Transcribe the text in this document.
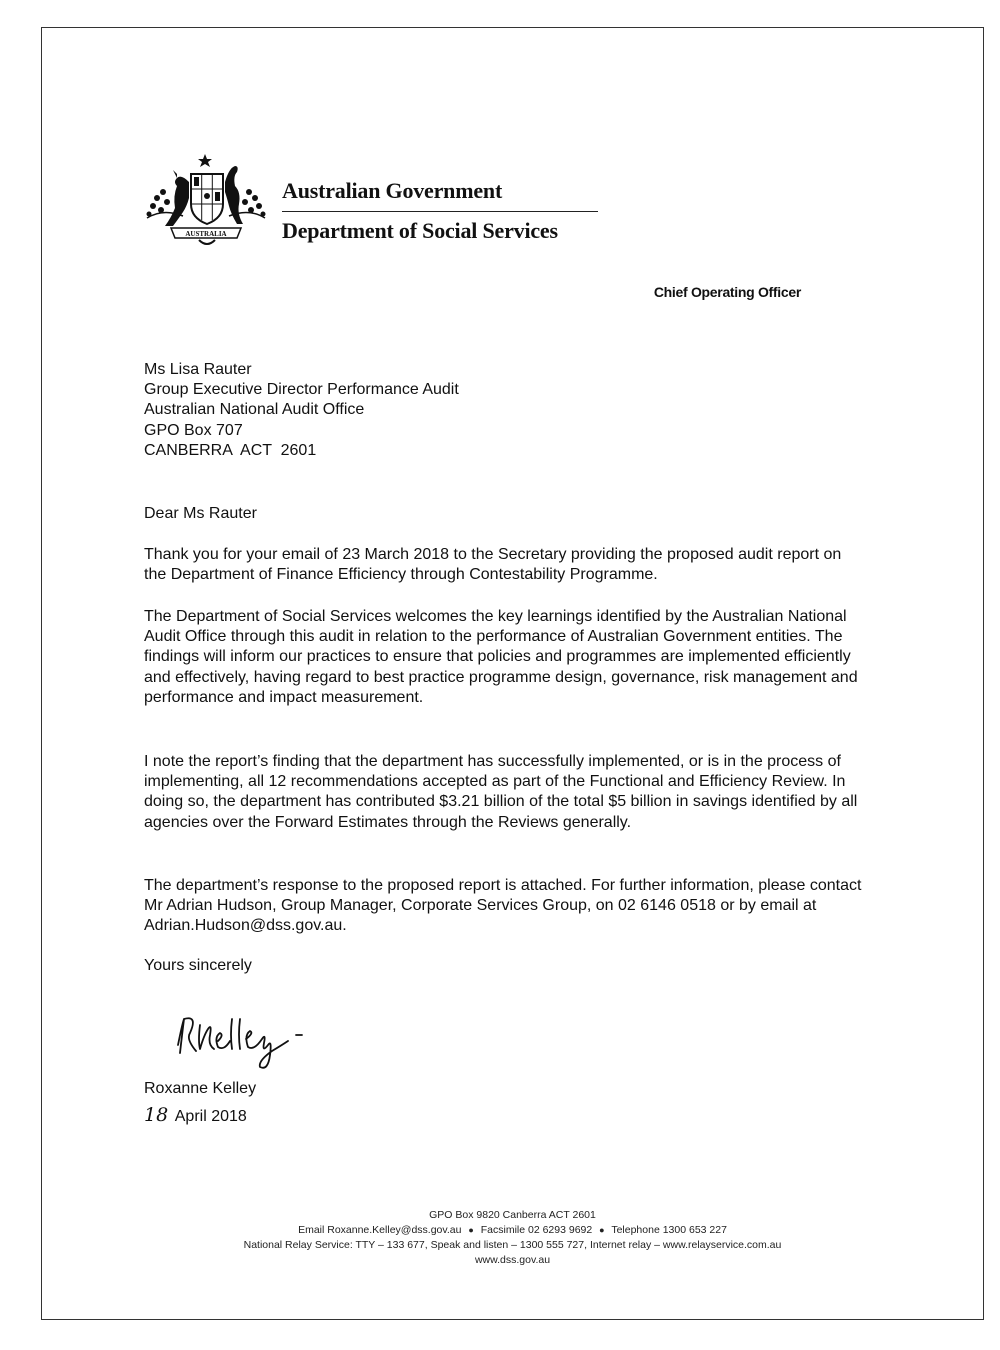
AUSTRALIA
Australian Government
Department of Social Services
Chief Operating Officer
Ms Lisa Rauter
Group Executive Director Performance Audit
Australian National Audit Office
GPO Box 707
CANBERRA  ACT  2601
Dear Ms Rauter

Thank you for your email of 23 March 2018 to the Secretary providing the proposed audit report on the Department of Finance Efficiency through Contestability Programme.

The Department of Social Services welcomes the key learnings identified by the Australian National Audit Office through this audit in relation to the performance of Australian Government entities. The findings will inform our practices to ensure that policies and programmes are implemented efficiently and effectively, having regard to best practice programme design, governance, risk management and performance and impact measurement.

I note the report’s finding that the department has successfully implemented, or is in the process of implementing, all 12 recommendations accepted as part of the Functional and Efficiency Review. In doing so, the department has contributed $3.21 billion of the total $5 billion in savings identified by all agencies over the Forward Estimates through the Reviews generally.

The department’s response to the proposed report is attached. For further information, please contact Mr Adrian Hudson, Group Manager, Corporate Services Group, on 02 6146 0518 or by email at Adrian.Hudson@dss.gov.au.

Yours sincerely
Roxanne Kelley
18 April 2018
GPO Box 9820 Canberra ACT 2601
Email Roxanne.Kelley@dss.gov.au ● Facsimile 02 6293 9692 ● Telephone 1300 653 227
National Relay Service: TTY – 133 677, Speak and listen – 1300 555 727, Internet relay – www.relayservice.com.au
www.dss.gov.au
